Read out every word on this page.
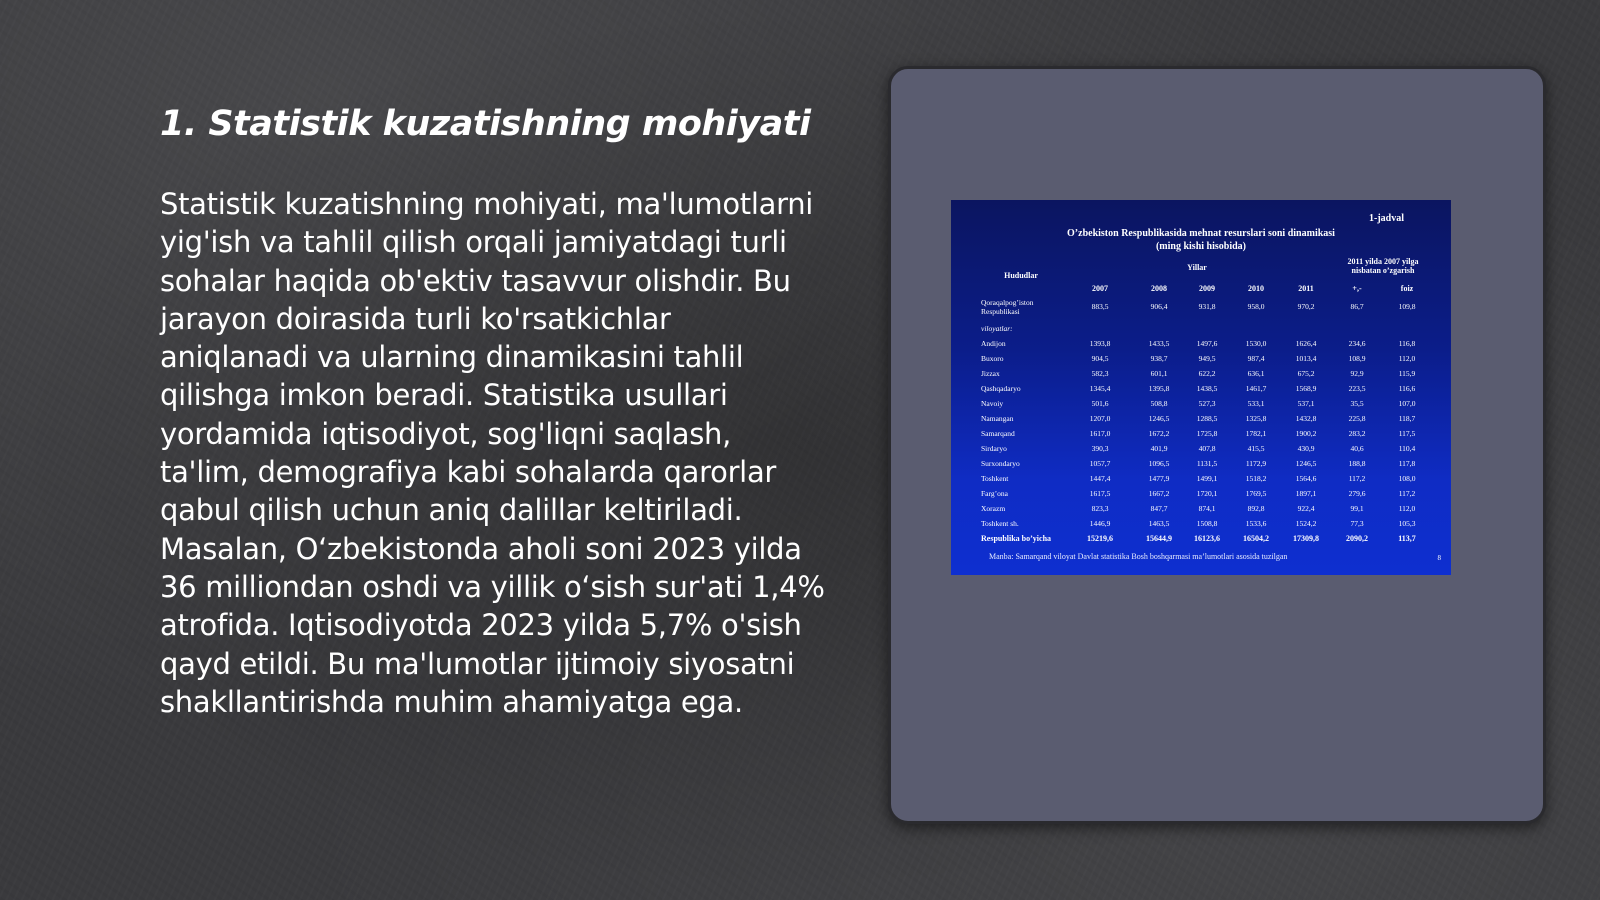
1. Statistik kuzatishning mohiyati

Statistik kuzatishning mohiyati, ma'lumotlarni yig'ish va tahlil qilish orqali jamiyatdagi turli sohalar haqida ob'ektiv tasavvur olishdir. Bu jarayon doirasida turli ko'rsatkichlar aniqlanadi va ularning dinamikasini tahlil qilishga imkon beradi. Statistika usullari yordamida iqtisodiyot, sog'liqni saqlash, ta'lim, demografiya kabi sohalarda qarorlar qabul qilish uchun aniq dalillar keltiriladi. Masalan, O‘zbekistonda aholi soni 2023 yilda 36 milliondan oshdi va yillik o‘sish sur'ati 1,4% atrofida. Iqtisodiyotda 2023 yilda 5,7% o'sish qayd etildi. Bu ma'lumotlar ijtimoiy siyosatni shakllantirishda muhim ahamiyatga ega.

1-jadval
O’zbekiston Respublikasida mehnat resurslari soni dinamikasi
(ming kishi hisobida)
Hududlar
Yillar
2011 yilda 2007 yilga nisbatan o’zgarish
2007	2008	2009	2010	2011	+,-	foiz
Qoraqalpog’iston Respublikasi
883,5	906,4	931,8	958,0	970,2	86,7	109,8
viloyatlar:
Andijon	1393,8	1433,5	1497,6	1530,0	1626,4	234,6	116,8
Buxoro	904,5	938,7	949,5	987,4	1013,4	108,9	112,0
Jizzax	582,3	601,1	622,2	636,1	675,2	92,9	115,9
Qashqadaryo	1345,4	1395,8	1438,5	1461,7	1568,9	223,5	116,6
Navoiy	501,6	508,8	527,3	533,1	537,1	35,5	107,0
Namangan	1207,0	1246,5	1288,5	1325,8	1432,8	225,8	118,7
Samarqand	1617,0	1672,2	1725,8	1782,1	1900,2	283,2	117,5
Sirdaryo	390,3	401,9	407,8	415,5	430,9	40,6	110,4
Surxondaryo	1057,7	1096,5	1131,5	1172,9	1246,5	188,8	117,8
Toshkent	1447,4	1477,9	1499,1	1518,2	1564,6	117,2	108,0
Farg’ona	1617,5	1667,2	1720,1	1769,5	1897,1	279,6	117,2
Xorazm	823,3	847,7	874,1	892,8	922,4	99,1	112,0
Toshkent sh.	1446,9	1463,5	1508,8	1533,6	1524,2	77,3	105,3
Respublika bo’yicha	15219,6	15644,9	16123,6	16504,2	17309,8	2090,2	113,7
Manba: Samarqand viloyat Davlat statistika Bosh boshqarmasi ma’lumotlari asosida tuzilgan	8
